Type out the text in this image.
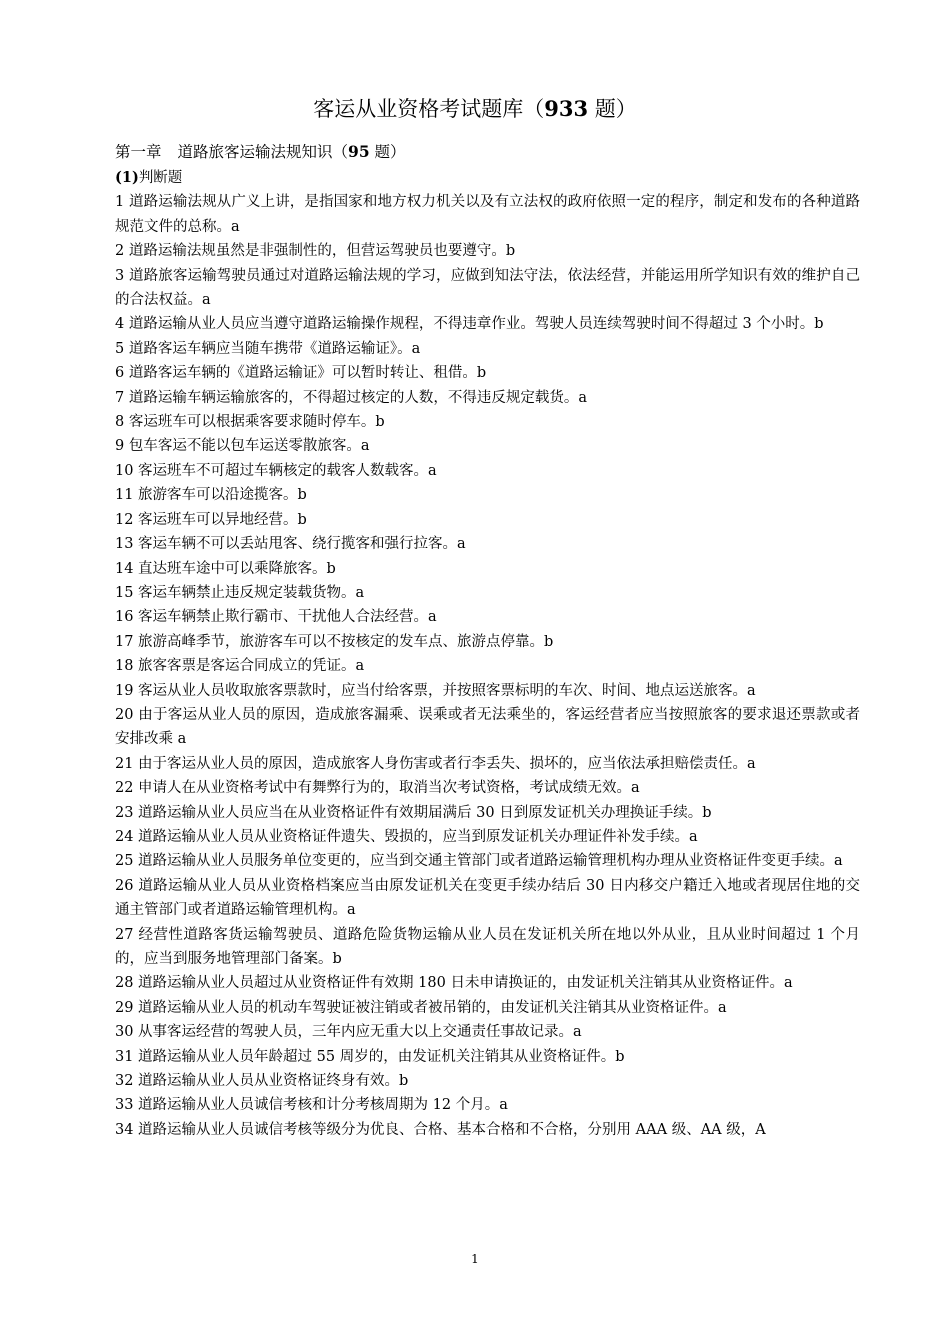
客运从业资格考试题库（933 题）
第一章 道路旅客运输法规知识（95 题）
(1)判断题
1 道路运输法规从广义上讲，是指国家和地方权力机关以及有立法权的政府依照一定的程序，制定和发布的各种道路规范文件的总称。a
2 道路运输法规虽然是非强制性的，但营运驾驶员也要遵守。b
3 道路旅客运输驾驶员通过对道路运输法规的学习，应做到知法守法，依法经营，并能运用所学知识有效的维护自己的合法权益。a
4 道路运输从业人员应当遵守道路运输操作规程，不得违章作业。驾驶人员连续驾驶时间不得超过 3 个小时。b
5 道路客运车辆应当随车携带《道路运输证》。a
6 道路客运车辆的《道路运输证》可以暂时转让、租借。b
7 道路运输车辆运输旅客的，不得超过核定的人数，不得违反规定载货。a
8 客运班车可以根据乘客要求随时停车。b
9 包车客运不能以包车运送零散旅客。a
10 客运班车不可超过车辆核定的载客人数载客。a
11 旅游客车可以沿途揽客。b
12 客运班车可以异地经营。b
13 客运车辆不可以丢站甩客、绕行揽客和强行拉客。a
14 直达班车途中可以乘降旅客。b
15 客运车辆禁止违反规定装载货物。a
16 客运车辆禁止欺行霸市、干扰他人合法经营。a
17 旅游高峰季节，旅游客车可以不按核定的发车点、旅游点停靠。b
18 旅客客票是客运合同成立的凭证。a
19 客运从业人员收取旅客票款时，应当付给客票，并按照客票标明的车次、时间、地点运送旅客。a
20 由于客运从业人员的原因，造成旅客漏乘、误乘或者无法乘坐的，客运经营者应当按照旅客的要求退还票款或者安排改乘 a
21 由于客运从业人员的原因，造成旅客人身伤害或者行李丢失、损坏的，应当依法承担赔偿责任。a
22 申请人在从业资格考试中有舞弊行为的，取消当次考试资格，考试成绩无效。a
23 道路运输从业人员应当在从业资格证件有效期届满后 30 日到原发证机关办理换证手续。b
24 道路运输从业人员从业资格证件遗失、毁损的，应当到原发证机关办理证件补发手续。a
25 道路运输从业人员服务单位变更的，应当到交通主管部门或者道路运输管理机构办理从业资格证件变更手续。a
26 道路运输从业人员从业资格档案应当由原发证机关在变更手续办结后 30 日内移交户籍迁入地或者现居住地的交通主管部门或者道路运输管理机构。a
27 经营性道路客货运输驾驶员、道路危险货物运输从业人员在发证机关所在地以外从业，且从业时间超过 1 个月的，应当到服务地管理部门备案。b
28 道路运输从业人员超过从业资格证件有效期 180 日未申请换证的，由发证机关注销其从业资格证件。a
29 道路运输从业人员的机动车驾驶证被注销或者被吊销的，由发证机关注销其从业资格证件。a
30 从事客运经营的驾驶人员，三年内应无重大以上交通责任事故记录。a
31 道路运输从业人员年龄超过 55 周岁的，由发证机关注销其从业资格证件。b
32 道路运输从业人员从业资格证终身有效。b
33 道路运输从业人员诚信考核和计分考核周期为 12 个月。a
34 道路运输从业人员诚信考核等级分为优良、合格、基本合格和不合格，分别用 AAA 级、AA 级，A
1
